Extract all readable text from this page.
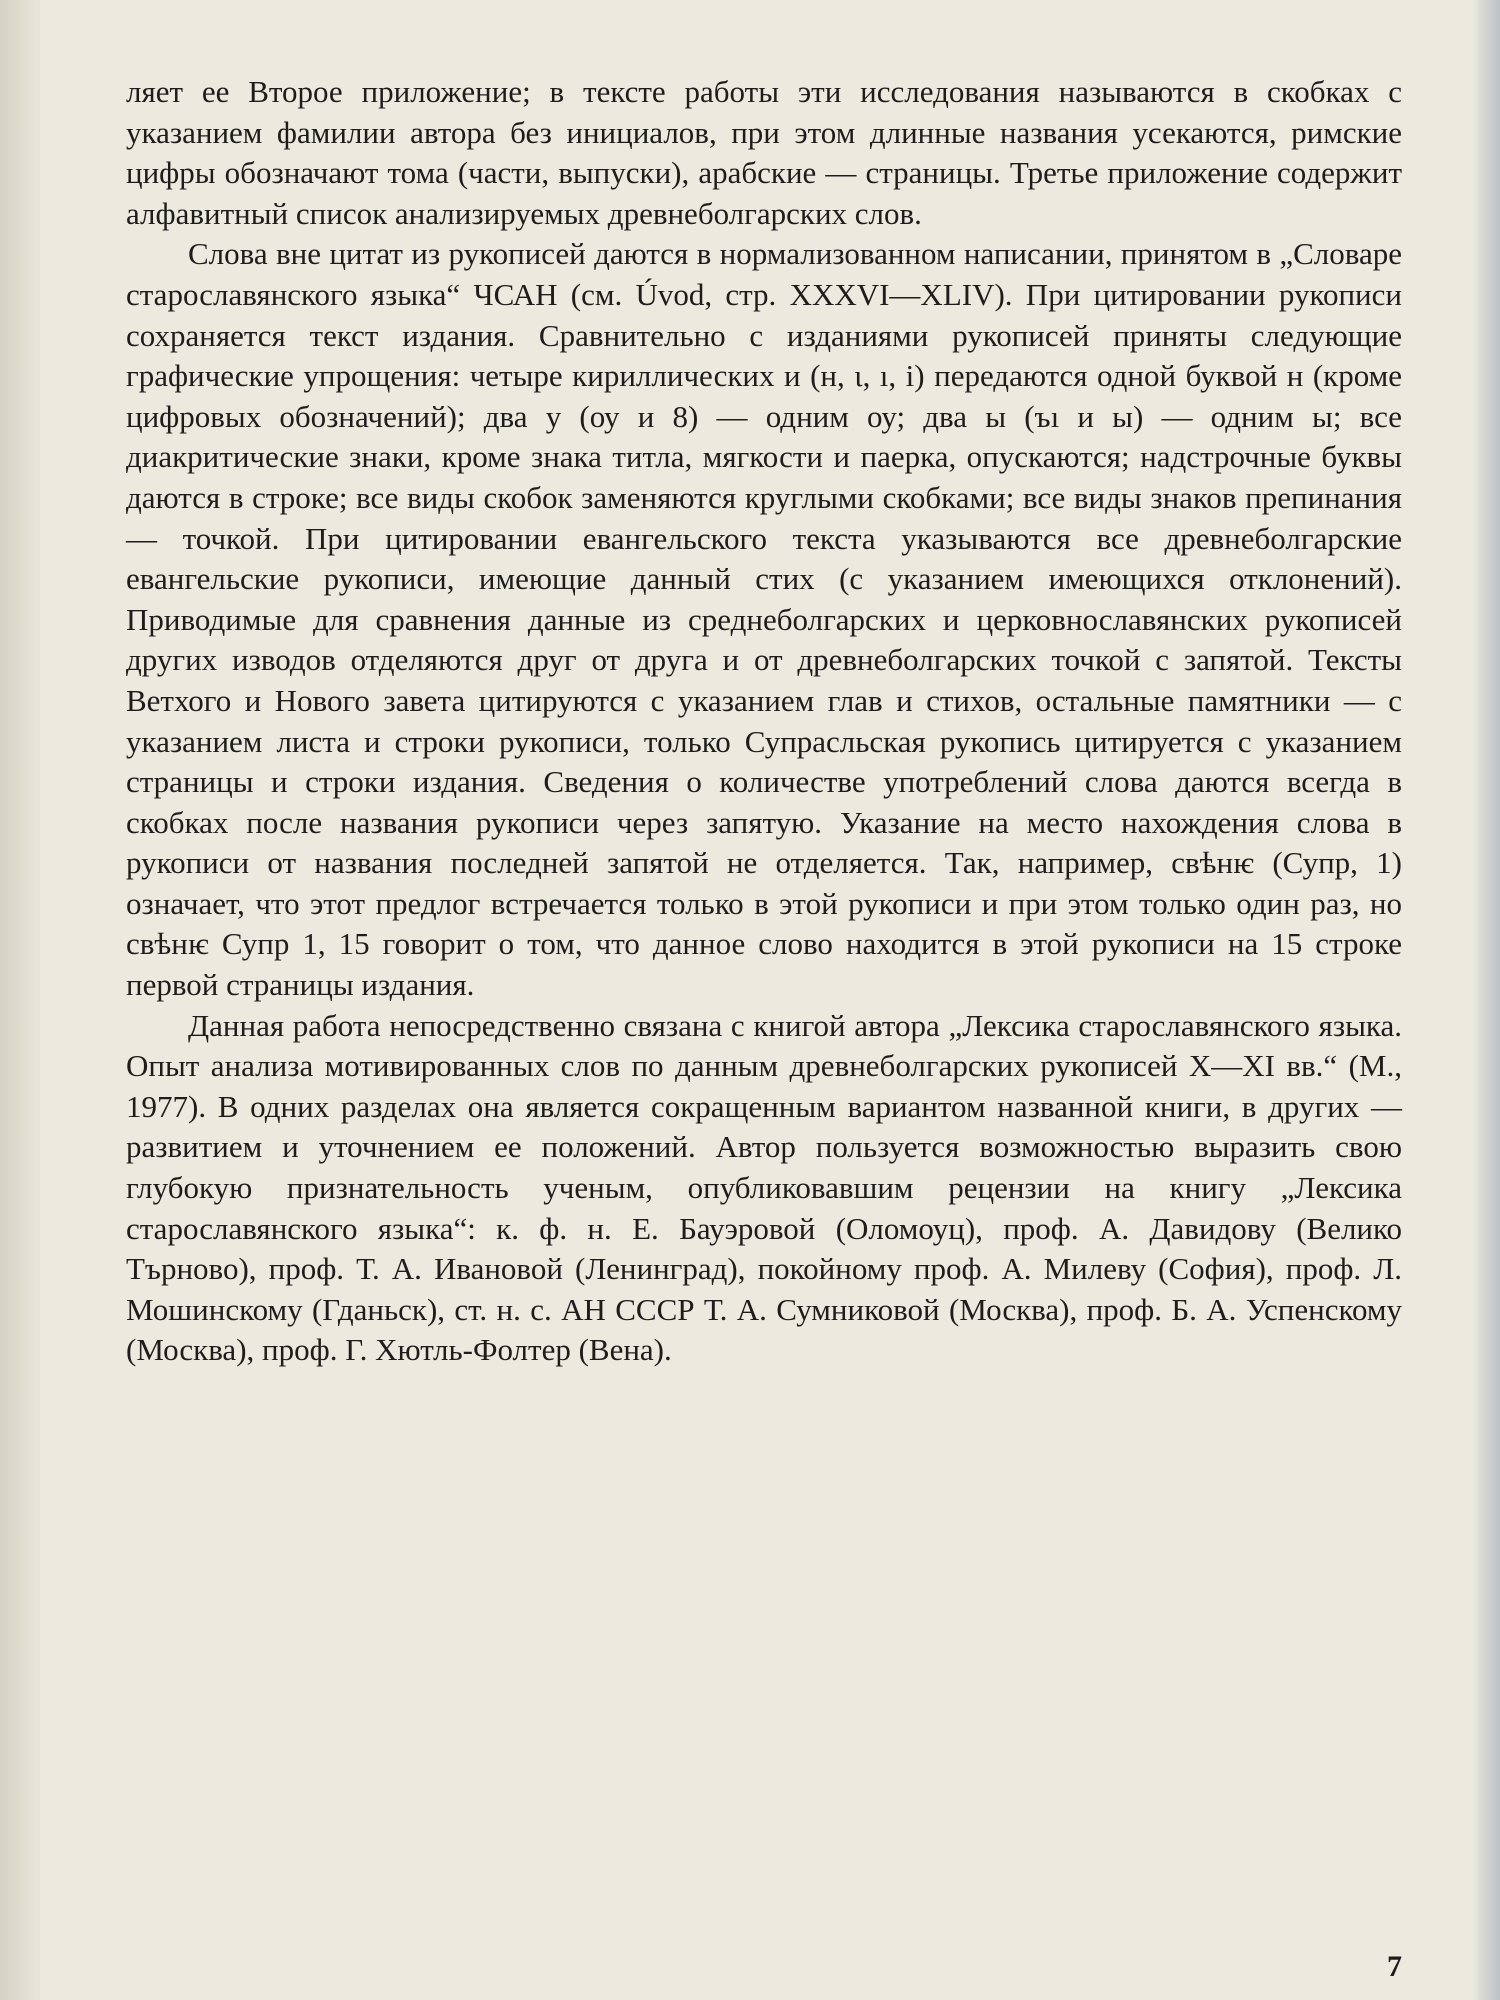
ляет ее Второе приложение; в тексте работы эти исследования называются в скобках с указанием фамилии автора без инициалов, при этом длинные названия усекаются, римские цифры обозначают тома (части, выпуски), арабские — страницы. Третье приложение содержит алфавитный список анализируемых древнеболгарских слов.

Слова вне цитат из рукописей даются в нормализованном написании, принятом в „Словаре старославянского языка“ ЧСАН (см. Úvod, стр. XXXVI—XLIV). При цитировании рукописи сохраняется текст издания. Сравнительно с изданиями рукописей приняты следующие графические упрощения: четыре кириллических и (н, ι, ı, i) передаются одной буквой н (кроме цифровых обозначений); два у (оу и 8) — одним оу; два ы (ъı и ы) — одним ы; все диакритические знаки, кроме знака титла, мягкости и паерка, опускаются; надстрочные буквы даются в строке; все виды скобок заменяются круглыми скобками; все виды знаков препинания — точкой. При цитировании евангельского текста указываются все древнеболгарские евангельские рукописи, имеющие данный стих (с указанием имеющихся отклонений). Приводимые для сравнения данные из среднеболгарских и церковнославянских рукописей других изводов отделяются друг от друга и от древнеболгарских точкой с запятой. Тексты Ветхого и Нового завета цитируются с указанием глав и стихов, остальные памятники — с указанием листа и строки рукописи, только Супрасльская рукопись цитируется с указанием страницы и строки издания. Сведения о количестве употреблений слова даются всегда в скобках после названия рукописи через запятую. Указание на место нахождения слова в рукописи от названия последней запятой не отделяется. Так, например, свѣнѥ (Супр, 1) означает, что этот предлог встречается только в этой рукописи и при этом только один раз, но свѣнѥ Супр 1, 15 говорит о том, что данное слово находится в этой рукописи на 15 строке первой страницы издания.

Данная работа непосредственно связана с книгой автора „Лексика старославянского языка. Опыт анализа мотивированных слов по данным древнеболгарских рукописей X—XI вв.“ (М., 1977). В одних разделах она является сокращенным вариантом названной книги, в других — развитием и уточнением ее положений. Автор пользуется возможностью выразить свою глубокую признательность ученым, опубликовавшим рецензии на книгу „Лексика старославянского языка“: к. ф. н. Е. Бауэровой (Оломоуц), проф. А. Давидову (Велико Търново), проф. Т. А. Ивановой (Ленинград), покойному проф. А. Милеву (София), проф. Л. Мошинскому (Гданьск), ст. н. с. АН СССР Т. А. Сумниковой (Москва), проф. Б. А. Успенскому (Москва), проф. Г. Хютль-Фолтер (Вена).

7
